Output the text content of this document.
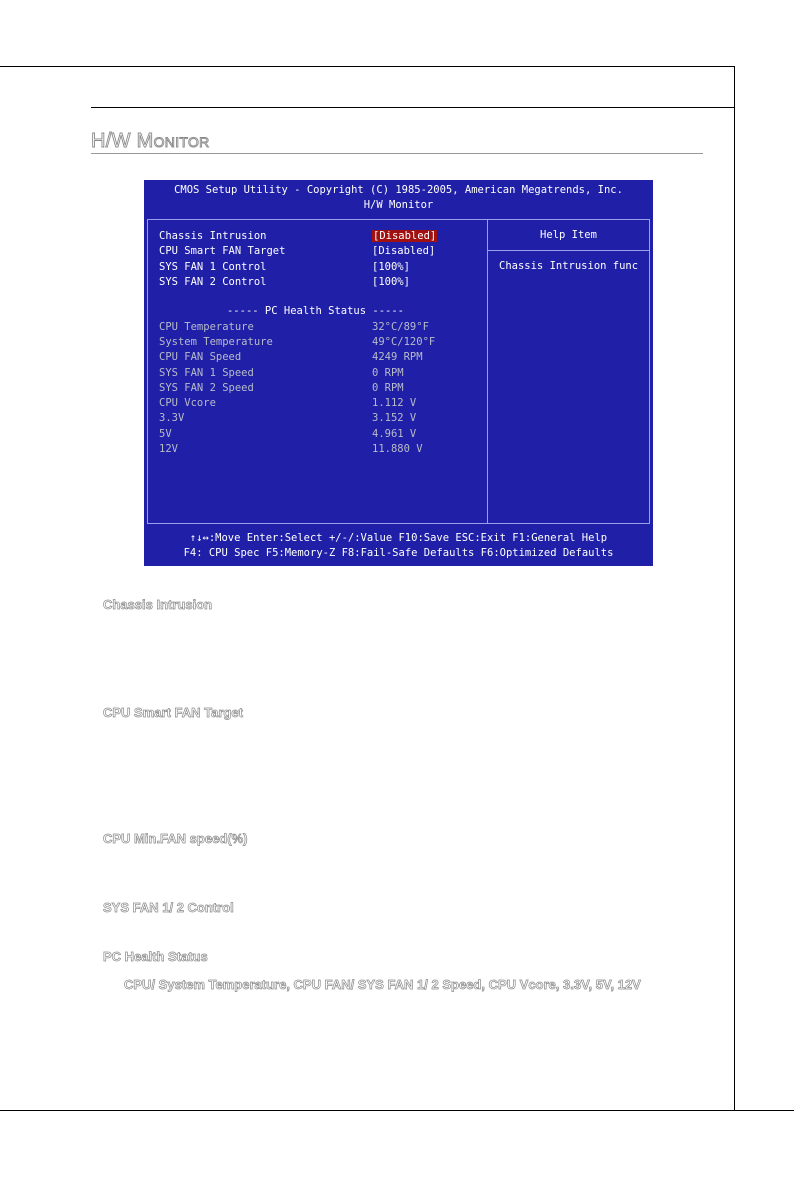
H/W Monitor
CMOS Setup Utility - Copyright (C) 1985-2005, American Megatrends, Inc.
H/W Monitor
Help Item
Chassis Intrusion func
Chassis Intrusion	[Disabled]
CPU Smart FAN Target	[Disabled]
SYS FAN 1 Control	[100%]
SYS FAN 2 Control	[100%]
----- PC Health Status -----
CPU Temperature	32°C/89°F
System Temperature	49°C/120°F
CPU FAN Speed	4249 RPM
SYS FAN 1 Speed	0 RPM
SYS FAN 2 Speed	0 RPM
CPU Vcore	1.112 V
3.3V	3.152 V
5V	4.961 V
12V	11.880 V
↑↓↔:Move Enter:Select +/-/:Value F10:Save ESC:Exit F1:General Help
F4: CPU Spec F5:Memory-Z F8:Fail-Safe Defaults F6:Optimized Defaults
Chassis Intrusion
CPU Smart FAN Target
CPU Min.FAN speed(%)
SYS FAN 1/ 2 Control
PC Health Status

CPU/ System Temperature, CPU FAN/ SYS FAN 1/ 2 Speed, CPU Vcore, 3.3V, 5V, 12V
